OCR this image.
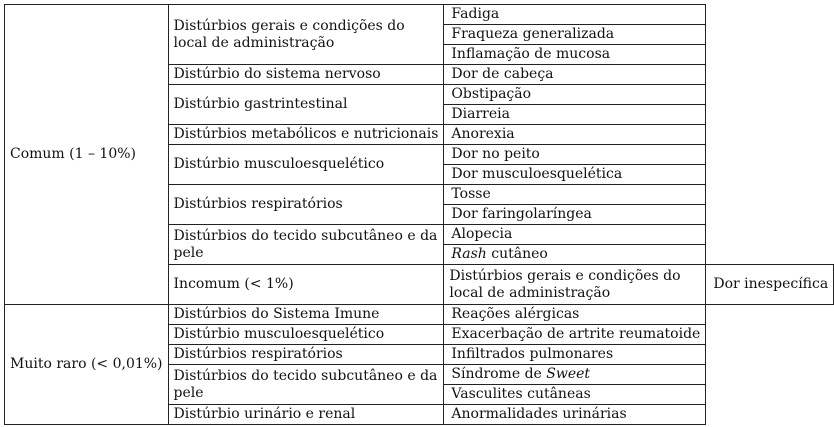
Comum (1 – 10%)	Distúrbios gerais e condições do local de administração	Fadiga	
		Fraqueza generalizada	
		Inflamação de mucosa	
	Distúrbio do sistema nervoso	Dor de cabeça	
	Distúrbio gastrintestinal	Obstipação	
		Diarreia	
	Distúrbios metabólicos e nutricionais	Anorexia	
	Distúrbio musculoesquelético	Dor no peito	
		Dor musculoesquelética	
	Distúrbios respiratórios	Tosse	
		Dor faringolaríngea	
	Distúrbios do tecido subcutâneo e da pele	Alopecia	
		Rash cutâneo	
	Incomum (< 1%)	Distúrbios gerais e condições do local de administração	Dor inespecífica
Muito raro (< 0,01%)	Distúrbios do Sistema Imune	Reações alérgicas	
	Distúrbio musculoesquelético	Exacerbação de artrite reumatoide	
	Distúrbios respiratórios	Infiltrados pulmonares	
	Distúrbios do tecido subcutâneo e da pele	Síndrome de Sweet	
		Vasculites cutâneas	
	Distúrbio urinário e renal	Anormalidades urinárias	
